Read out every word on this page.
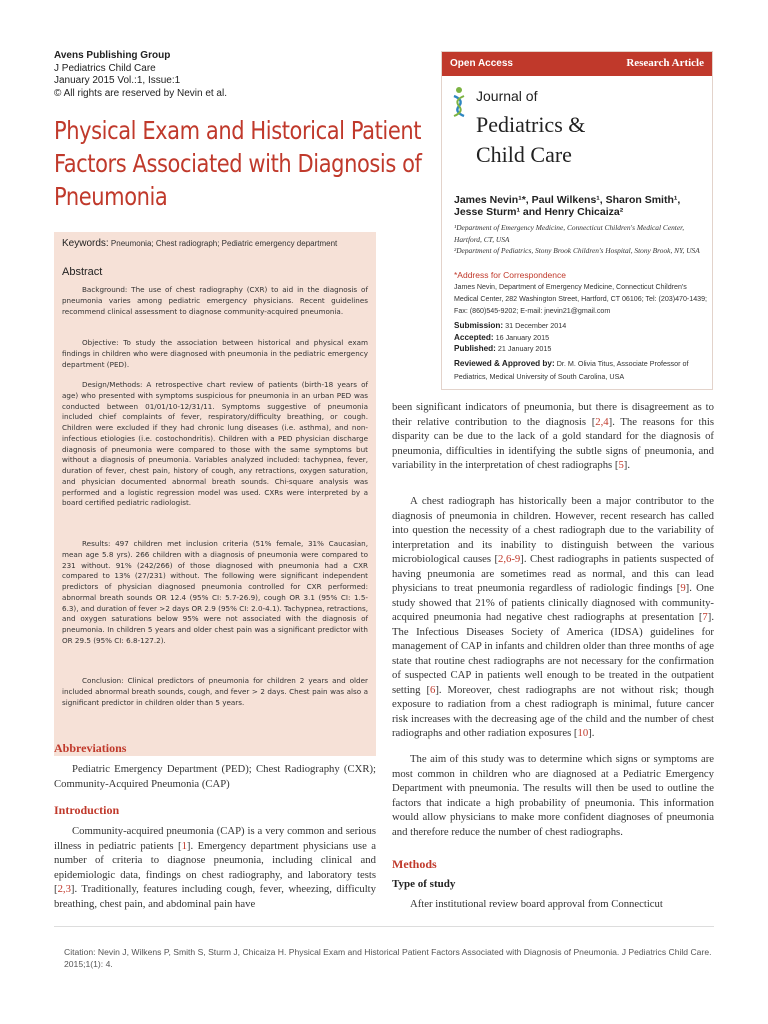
Avens Publishing Group
J Pediatrics Child Care
January 2015 Vol.:1, Issue:1
© All rights are reserved by Nevin et al.
Physical Exam and Historical Patient Factors Associated with Diagnosis of Pneumonia
Open Access	Research Article
Journal of
Pediatrics &
Child Care
James Nevin¹*, Paul Wilkens¹, Sharon Smith¹, Jesse Sturm¹ and Henry Chicaiza²
¹Department of Emergency Medicine, Connecticut Children's Medical Center, Hartford, CT, USA
²Department of Pediatrics, Stony Brook Children's Hospital, Stony Brook, NY, USA
*Address for Correspondence
James Nevin, Department of Emergency Medicine, Connecticut Children's Medical Center, 282 Washington Street, Hartford, CT 06106; Tel: (203)470-1439; Fax: (860)545-9202; E-mail: jnevin21@gmail.com
Submission: 31 December 2014
Accepted: 16 January 2015
Published: 21 January 2015
Reviewed & Approved by: Dr. M. Olivia Titus, Associate Professor of Pediatrics, Medical University of South Carolina, USA
Keywords: Pneumonia; Chest radiograph; Pediatric emergency department
Abstract
Background: The use of chest radiography (CXR) to aid in the diagnosis of pneumonia varies among pediatric emergency physicians. Recent guidelines recommend clinical assessment to diagnose community-acquired pneumonia.
Objective: To study the association between historical and physical exam findings in children who were diagnosed with pneumonia in the pediatric emergency department (PED).
Design/Methods: A retrospective chart review of patients (birth-18 years of age) who presented with symptoms suspicious for pneumonia in an urban PED was conducted between 01/01/10-12/31/11. Symptoms suggestive of pneumonia included chief complaints of fever, respiratory/difficulty breathing, or cough. Children were excluded if they had chronic lung diseases (i.e. asthma), and non-infectious etiologies (i.e. costochondritis). Children with a PED physician discharge diagnosis of pneumonia were compared to those with the same symptoms but without a diagnosis of pneumonia. Variables analyzed included: tachypnea, fever, duration of fever, chest pain, history of cough, any retractions, oxygen saturation, and physician documented abnormal breath sounds. Chi-square analysis was performed and a logistic regression model was used. CXRs were interpreted by a board certified pediatric radiologist.
Results: 497 children met inclusion criteria (51% female, 31% Caucasian, mean age 5.8 yrs). 266 children with a diagnosis of pneumonia were compared to 231 without. 91% (242/266) of those diagnosed with pneumonia had a CXR compared to 13% (27/231) without. The following were significant independent predictors of physician diagnosed pneumonia controlled for CXR performed: abnormal breath sounds OR 12.4 (95% CI: 5.7-26.9), cough OR 3.1 (95% CI: 1.5-6.3), and duration of fever >2 days OR 2.9 (95% CI: 2.0-4.1). Tachypnea, retractions, and oxygen saturations below 95% were not associated with the diagnosis of pneumonia. In children 5 years and older chest pain was a significant predictor with OR 29.5 (95% CI: 6.8-127.2).
Conclusion: Clinical predictors of pneumonia for children 2 years and older included abnormal breath sounds, cough, and fever > 2 days. Chest pain was also a significant predictor in children older than 5 years.
Abbreviations
Pediatric Emergency Department (PED); Chest Radiography (CXR); Community-Acquired Pneumonia (CAP)
Introduction
Community-acquired pneumonia (CAP) is a very common and serious illness in pediatric patients [1]. Emergency department physicians use a number of criteria to diagnose pneumonia, including clinical and epidemiologic data, findings on chest radiography, and laboratory tests [2,3]. Traditionally, features including cough, fever, wheezing, difficulty breathing, chest pain, and abdominal pain have
been significant indicators of pneumonia, but there is disagreement as to their relative contribution to the diagnosis [2,4]. The reasons for this disparity can be due to the lack of a gold standard for the diagnosis of pneumonia, difficulties in identifying the subtle signs of pneumonia, and variability in the interpretation of chest radiographs [5].
A chest radiograph has historically been a major contributor to the diagnosis of pneumonia in children. However, recent research has called into question the necessity of a chest radiograph due to the variability of interpretation and its inability to distinguish between the various microbiological causes [2,6-9]. Chest radiographs in patients suspected of having pneumonia are sometimes read as normal, and this can lead physicians to treat pneumonia regardless of radiologic findings [9]. One study showed that 21% of patients clinically diagnosed with community-acquired pneumonia had negative chest radiographs at presentation [7]. The Infectious Diseases Society of America (IDSA) guidelines for management of CAP in infants and children older than three months of age state that routine chest radiographs are not necessary for the confirmation of suspected CAP in patients well enough to be treated in the outpatient setting [6]. Moreover, chest radiographs are not without risk; though exposure to radiation from a chest radiograph is minimal, future cancer risk increases with the decreasing age of the child and the number of chest radiographs and other radiation exposures [10].
The aim of this study was to determine which signs or symptoms are most common in children who are diagnosed at a Pediatric Emergency Department with pneumonia. The results will then be used to outline the factors that indicate a high probability of pneumonia. This information would allow physicians to make more confident diagnoses of pneumonia and therefore reduce the number of chest radiographs.
Methods
Type of study
After institutional review board approval from Connecticut
Citation: Nevin J, Wilkens P, Smith S, Sturm J, Chicaiza H. Physical Exam and Historical Patient Factors Associated with Diagnosis of Pneumonia. J Pediatrics Child Care. 2015;1(1): 4.
